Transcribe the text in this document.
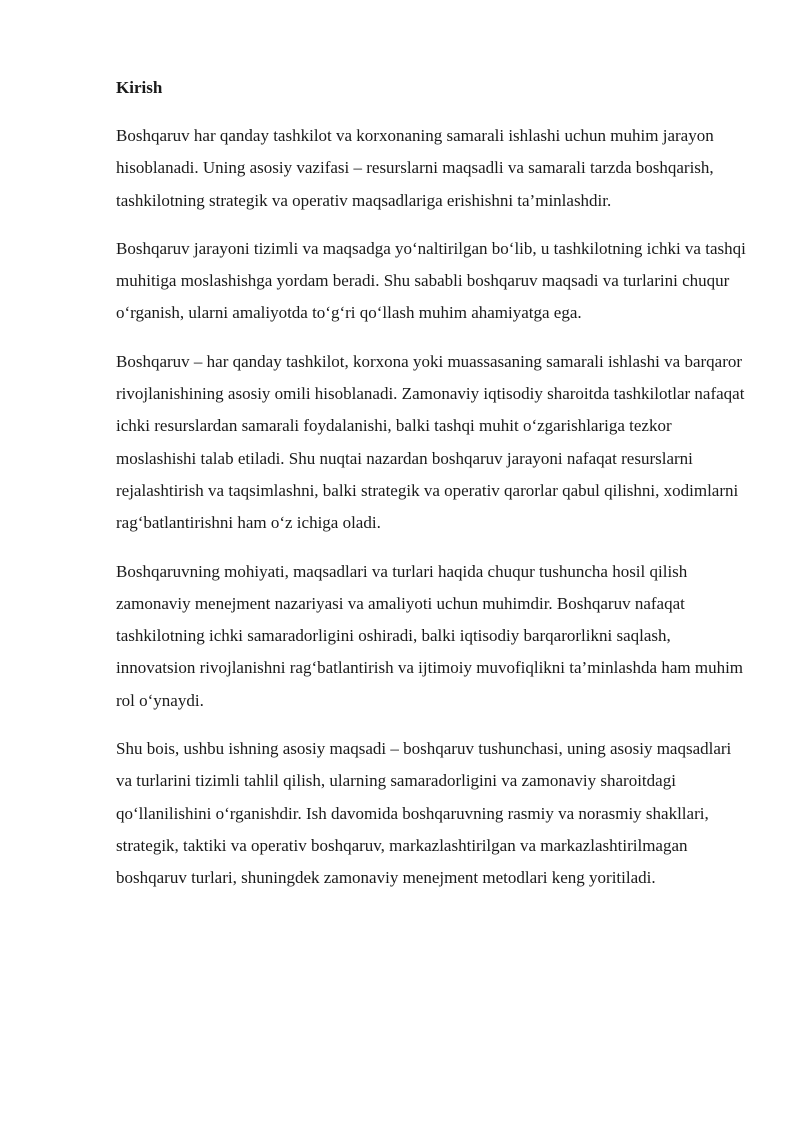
Kirish

Boshqaruv har qanday tashkilot va korxonaning samarali ishlashi uchun muhim jarayon hisoblanadi. Uning asosiy vazifasi – resurslarni maqsadli va samarali tarzda boshqarish, tashkilotning strategik va operativ maqsadlariga erishishni ta’minlashdir.

Boshqaruv jarayoni tizimli va maqsadga yo‘naltirilgan bo‘lib, u tashkilotning ichki va tashqi muhitiga moslashishga yordam beradi. Shu sababli boshqaruv maqsadi va turlarini chuqur o‘rganish, ularni amaliyotda to‘g‘ri qo‘llash muhim ahamiyatga ega.

Boshqaruv – har qanday tashkilot, korxona yoki muassasaning samarali ishlashi va barqaror rivojlanishining asosiy omili hisoblanadi. Zamonaviy iqtisodiy sharoitda tashkilotlar nafaqat ichki resurslardan samarali foydalanishi, balki tashqi muhit o‘zgarishlariga tezkor moslashishi talab etiladi. Shu nuqtai nazardan boshqaruv jarayoni nafaqat resurslarni rejalashtirish va taqsimlashni, balki strategik va operativ qarorlar qabul qilishni, xodimlarni rag‘batlantirishni ham o‘z ichiga oladi.

Boshqaruvning mohiyati, maqsadlari va turlari haqida chuqur tushuncha hosil qilish zamonaviy menejment nazariyasi va amaliyoti uchun muhimdir. Boshqaruv nafaqat tashkilotning ichki samaradorligini oshiradi, balki iqtisodiy barqarorlikni saqlash, innovatsion rivojlanishni rag‘batlantirish va ijtimoiy muvofiqlikni ta’minlashda ham muhim rol o‘ynaydi.

Shu bois, ushbu ishning asosiy maqsadi – boshqaruv tushunchasi, uning asosiy maqsadlari va turlarini tizimli tahlil qilish, ularning samaradorligini va zamonaviy sharoitdagi qo‘llanilishini o‘rganishdir. Ish davomida boshqaruvning rasmiy va norasmiy shakllari, strategik, taktiki va operativ boshqaruv, markazlashtirilgan va markazlashtirilmagan boshqaruv turlari, shuningdek zamonaviy menejment metodlari keng yoritiladi.
